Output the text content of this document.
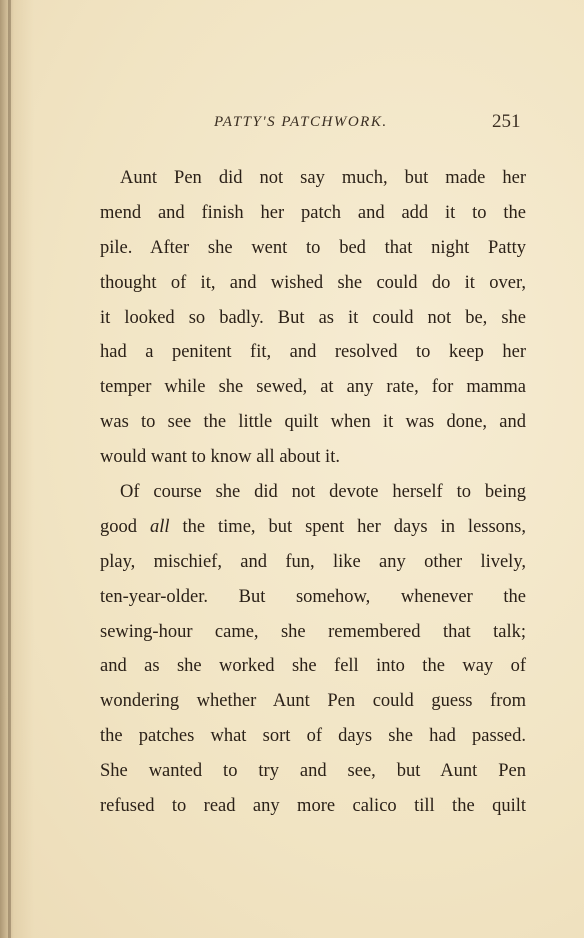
PATTY'S PATCHWORK.	251
Aunt Pen did not say much, but made her
mend and finish her patch and add it to the
pile. After she went to bed that night Patty
thought of it, and wished she could do it over,
it looked so badly. But as it could not be, she
had a penitent fit, and resolved to keep her
temper while she sewed, at any rate, for mamma
was to see the little quilt when it was done, and
would want to know all about it.
Of course she did not devote herself to being
good all the time, but spent her days in lessons,
play, mischief, and fun, like any other lively,
ten-year-older. But somehow, whenever the
sewing-hour came, she remembered that talk;
and as she worked she fell into the way of
wondering whether Aunt Pen could guess from
the patches what sort of days she had passed.
She wanted to try and see, but Aunt Pen
refused to read any more calico till the quilt
